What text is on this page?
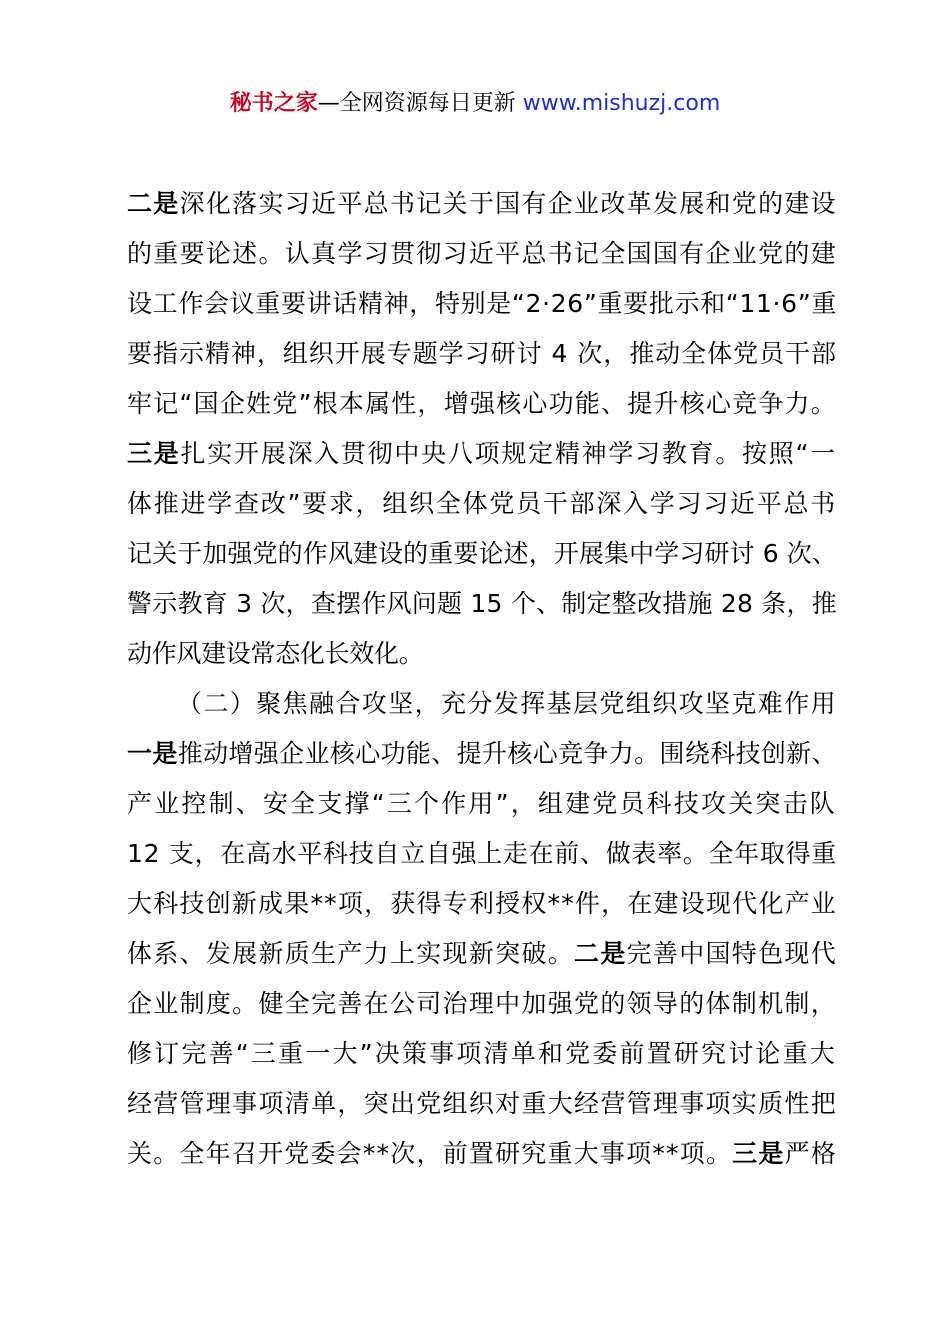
秘书之家—全网资源每日更新 www.mishuzj.com
二是深化落实习近平总书记关于国有企业改革发展和党的建设
的重要论述。认真学习贯彻习近平总书记全国国有企业党的建
设工作会议重要讲话精神，特别是“2·26”重要批示和“11·6”重
要指示精神，组织开展专题学习研讨 4 次，推动全体党员干部
牢记“国企姓党”根本属性，增强核心功能、提升核心竞争力。
三是扎实开展深入贯彻中央八项规定精神学习教育。按照“一
体推进学查改”要求，组织全体党员干部深入学习习近平总书
记关于加强党的作风建设的重要论述，开展集中学习研讨 6 次、
警示教育 3 次，查摆作风问题 15 个、制定整改措施 28 条，推
动作风建设常态化长效化。
（二）聚焦融合攻坚，充分发挥基层党组织攻坚克难作用
一是推动增强企业核心功能、提升核心竞争力。围绕科技创新、
产业控制、安全支撑“三个作用”，组建党员科技攻关突击队
12 支，在高水平科技自立自强上走在前、做表率。全年取得重
大科技创新成果**项，获得专利授权**件，在建设现代化产业
体系、发展新质生产力上实现新突破。二是完善中国特色现代
企业制度。健全完善在公司治理中加强党的领导的体制机制，
修订完善“三重一大”决策事项清单和党委前置研究讨论重大
经营管理事项清单，突出党组织对重大经营管理事项实质性把
关。全年召开党委会**次，前置研究重大事项**项。三是严格
